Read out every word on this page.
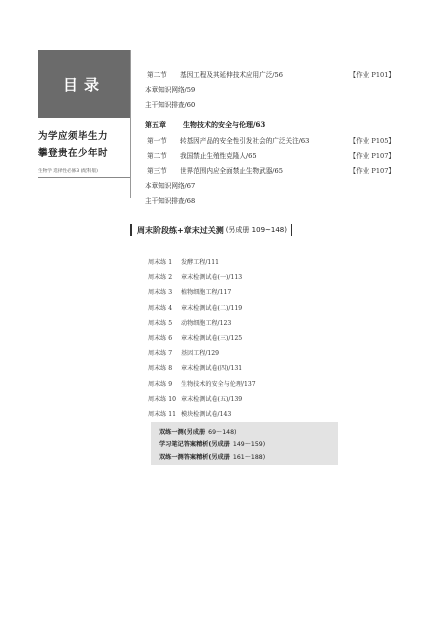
目录
为学应须毕生力
攀登贵在少年时
生物学 选择性必修3 (配科版)
第二节	基因工程及其延伸技术应用广泛/56	【作业 P101】
本章知识网络/59
主干知识排查/60
第五章	生物技术的安全与伦理/63
第一节	转基因产品的安全性引发社会的广泛关注/63	【作业 P105】
第二节	我国禁止生殖性克隆人/65	【作业 P107】
第三节	世界范围内应全面禁止生物武器/65	【作业 P107】
本章知识网络/67
主干知识排查/68
周末阶段练+章末过关测 (另成册 109~148)
周末练 1	发酵工程/111
周末练 2	章末检测试卷(一)/113
周末练 3	植物细胞工程/117
周末练 4	章末检测试卷(二)/119
周末练 5	动物细胞工程/123
周末练 6	章末检测试卷(三)/125
周末练 7	基因工程/129
周末练 8	章末检测试卷(四)/131
周末练 9	生物技术的安全与伦理/137
周末练 10 章末检测试卷(五)/139
周末练 11 模块检测试卷/143
双练一测(另成册 69～148)
学习笔记答案精析(另成册 149～159)
双练一测答案精析(另成册 161～188)
